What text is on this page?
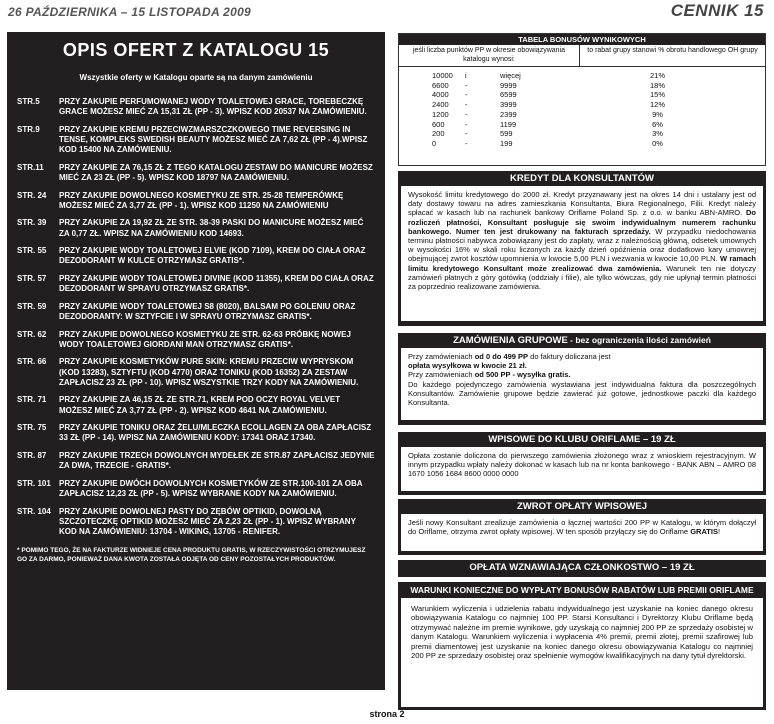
26 PAŹDZIERNIKA – 15 LISTOPADA 2009	CENNIK 15
OPIS OFERT Z KATALOGU 15
Wszystkie oferty w Katalogu oparte są na danym zamówieniu
STR.5	PRZY ZAKUPIE PERFUMOWANEJ WODY TOALETOWEJ GRACE, TOREBECZKĘ GRACE MOŻESZ MIEĆ ZA 15,31 ZŁ (PP - 3). WPISZ KOD 20537 NA ZAMÓWIENIU.
STR.9	PRZY ZAKUPIE KREMU PRZECIWZMARSZCZKOWEGO TIME REVERSING IN TENSE, KOMPLEKS SWEDISH BEAUTY MOŻESZ MIEĆ ZA 7,62 ZŁ (PP - 4).WPISZ KOD 15400 NA ZAMÓWIENIU.
STR.11	PRZY ZAKUPIE ZA 76,15 ZŁ Z TEGO KATALOGU ZESTAW DO MANICURE MOŻESZ MIEĆ ZA 23 ZŁ (PP - 5). WPISZ KOD 18797 NA ZAMÓWIENIU.
STR. 24	PRZY ZAKUPIE DOWOLNEGO KOSMETYKU ZE STR. 25-28 TEMPERÓWKĘ MOŻESZ MIEĆ ZA 3,77 ZŁ (PP - 1). WPISZ KOD 11250 NA ZAMÓWIENIU
STR. 39	PRZY ZAKUPIE ZA 19,92 ZŁ ZE STR. 38-39 PASKI DO MANICURE MOŻESZ MIEĆ ZA 0,77 ZŁ. WPISZ NA ZAMÓWIENIU KOD 14693.
STR. 55	PRZY ZAKUPIE WODY TOALETOWEJ ELVIE (KOD 7109), KREM DO CIAŁA ORAZ DEZODORANT W KULCE OTRZYMASZ GRATIS*.
STR. 57	PRZY ZAKUPIE WODY TOALETOWEJ DIVINE (KOD 11355), KREM DO CIAŁA ORAZ DEZODORANT W SPRAYU OTRZYMASZ GRATIS*.
STR. 59	PRZY ZAKUPIE WODY TOALETOWEJ S8 (8020), BALSAM PO GOLENIU ORAZ DEZODORANTY: W SZTYFCIE I W SPRAYU OTRZYMASZ GRATIS*.
STR. 62	PRZY ZAKUPIE DOWOLNEGO KOSMETYKU ZE STR. 62-63 PRÓBKĘ NOWEJ WODY TOALETOWEJ GIORDANI MAN OTRZYMASZ GRATIS*.
STR. 66	PRZY ZAKUPIE KOSMETYKÓW PURE SKIN: KREMU PRZECIW WYPRYSKOM (KOD 13283), SZTYFTU (KOD 4770) ORAZ TONIKU (KOD 16352) ZA ZESTAW ZAPŁACISZ 23 ZŁ (PP - 10). WPISZ WSZYSTKIE TRZY KODY NA ZAMÓWIENIU.
STR. 71	PRZY ZAKUPIE ZA 46,15 ZŁ ZE STR.71, KREM POD OCZY ROYAL VELVET MOŻESZ MIEĆ ZA 3,77 ZŁ (PP - 2). WPISZ KOD 4641 NA ZAMÓWIENIU.
STR. 75	PRZY ZAKUPIE TONIKU ORAZ ŻELU/MLECZKA ECOLLAGEN ZA OBA ZAPŁACISZ 33 ZŁ (PP - 14). WPISZ NA ZAMÓWIENIU KODY: 17341 ORAZ 17340.
STR. 87	PRZY ZAKUPIE TRZECH DOWOLNYCH MYDEŁEK ZE STR.87 ZAPŁACISZ JEDYNIE ZA DWA, TRZECIE - GRATIS*.
STR. 101	PRZY ZAKUPIE DWÓCH DOWOLNYCH KOSMETYKÓW ZE STR.100-101 ZA OBA ZAPŁACISZ 12,23 ZŁ (PP - 5). WPISZ WYBRANE KODY NA ZAMÓWIENIU.
STR. 104	PRZY ZAKUPIE DOWOLNEJ PASTY DO ZĘBÓW OPTIKID, DOWOLNĄ SZCZOTECZKĘ OPTIKID MOŻESZ MIEĆ ZA 2,23 ZŁ (PP - 1). WPISZ WYBRANY KOD NA ZAMÓWIENIU: 13704 - WIKING, 13705 - RENIFER.
* POMIMO TEGO, ŻE NA FAKTURZE WIDNIEJE CENA PRODUKTU GRATIS, W RZECZYWISTOŚCI OTRZYMUJESZ GO ZA DARMO, PONIEWAŻ DANA KWOTA ZOSTAŁA ODJĘTA OD CENY POZOSTAŁYCH PRODUKTÓW.
TABELA BONUSÓW WYNIKOWYCH
jeśli liczba punktów PP w okresie obowiązywania katalogu wynosi:
to rabat grupy stanowi % obrotu handlowego OH grupy
10000	i	więcej	21%
6600	-	9999	18%
4000	-	6599	15%
2400	-	3999	12%
1200	-	2399	9%
600	-	1199	6%
200	-	599	3%
0	-	199	0%
KREDYT DLA KONSULTANTÓW
Wysokość limitu kredytowego do 2000 zł. Kredyt przyznawany jest na okres 14 dni i ustalany jest od daty dostawy towaru na adres zamieszkania Konsultanta, Biura Regionalnego, Filii. Kredyt należy spłacać w kasach lub na rachunek bankowy Oriflame Poland Sp. z o.o. w banku ABN-AMRO. Do rozliczeń płatności, Konsultant posługuje się swoim indywidualnym numerem rachunku bankowego. Numer ten jest drukowany na fakturach sprzedaży. W przypadku niedochowania terminu płatności nabywca zobowiązany jest do zapłaty, wraz z należnością główną, odsetek umownych w wysokości 16% w skali roku liczonych za każdy dzień opóźnienia oraz dodatkowo kary umownej obejmującej zwrot kosztów upomnienia w kwocie 5,00 PLN i wezwania w kwocie 10,00 PLN. W ramach limitu kredytowego Konsultant może zrealizować dwa zamówienia. Warunek ten nie dotyczy zamówień płatnych z góry gotówką (oddziały i filie), ale tylko wówczas, gdy nie upłynął termin płatności za poprzednio realizowane zamówienia.
ZAMÓWIENIA GRUPOWE - bez ograniczenia ilości zamówień
Przy zamówieniach od 0 do 499 PP do faktury doliczana jest
opłata wysyłkowa w kwocie 21 zł.
Przy zamówieniach od 500 PP - wysyłka gratis.
Do każdego pojedynczego zamówienia wystawiana jest indywidualna faktura dla poszczególnych Konsultantów. Zamówienie grupowe będzie zawierać już gotowe, jednostkowe paczki dla każdego Konsultanta.
WPISOWE DO KLUBU ORIFLAME – 19 ZŁ
Opłata zostanie doliczona do pierwszego zamówienia złożonego wraz z wnioskiem rejestracyjnym. W innym przypadku wpłaty należy dokonać w kasach lub na nr konta bankowego - BANK ABN – AMRO 08 1670 1056 1684 8600 0000 0000
ZWROT OPŁATY WPISOWEJ
Jeśli nowy Konsultant zrealizuje zamówienia o łącznej wartości 200 PP w Katalogu, w którym dołączył do Oriflame, otrzyma zwrot opłaty wpisowej. W ten sposób przyłączy się do Oriflame GRATIS!
OPŁATA WZNAWIAJĄCA CZŁONKOSTWO – 19 ZŁ
WARUNKI KONIECZNE DO WYPŁATY BONUSÓW RABATÓW LUB PREMII ORIFLAME
Warunkiem wyliczenia i udzielenia rabatu indywidualnego jest uzyskanie na koniec danego okresu obowiązywania Katalogu co najmniej 100 PP. Starsi Konsultanci i Dyrektorzy Klubu Oriflame będą otrzymywać należne im premie wynikowe, gdy uzyskają co najmniej 200 PP ze sprzedaży osobistej w danym Katalogu. Warunkiem wyliczenia i wypłacenia 4% premii, premii złotej, premii szafirowej lub premii diamentowej jest uzyskanie na koniec danego okresu obowiązywania Katalogu co najmniej 200 PP ze sprzedaży osobistej oraz spełnienie wymogów kwalifikacyjnych na dany tytuł dyrektorski.
strona 2
